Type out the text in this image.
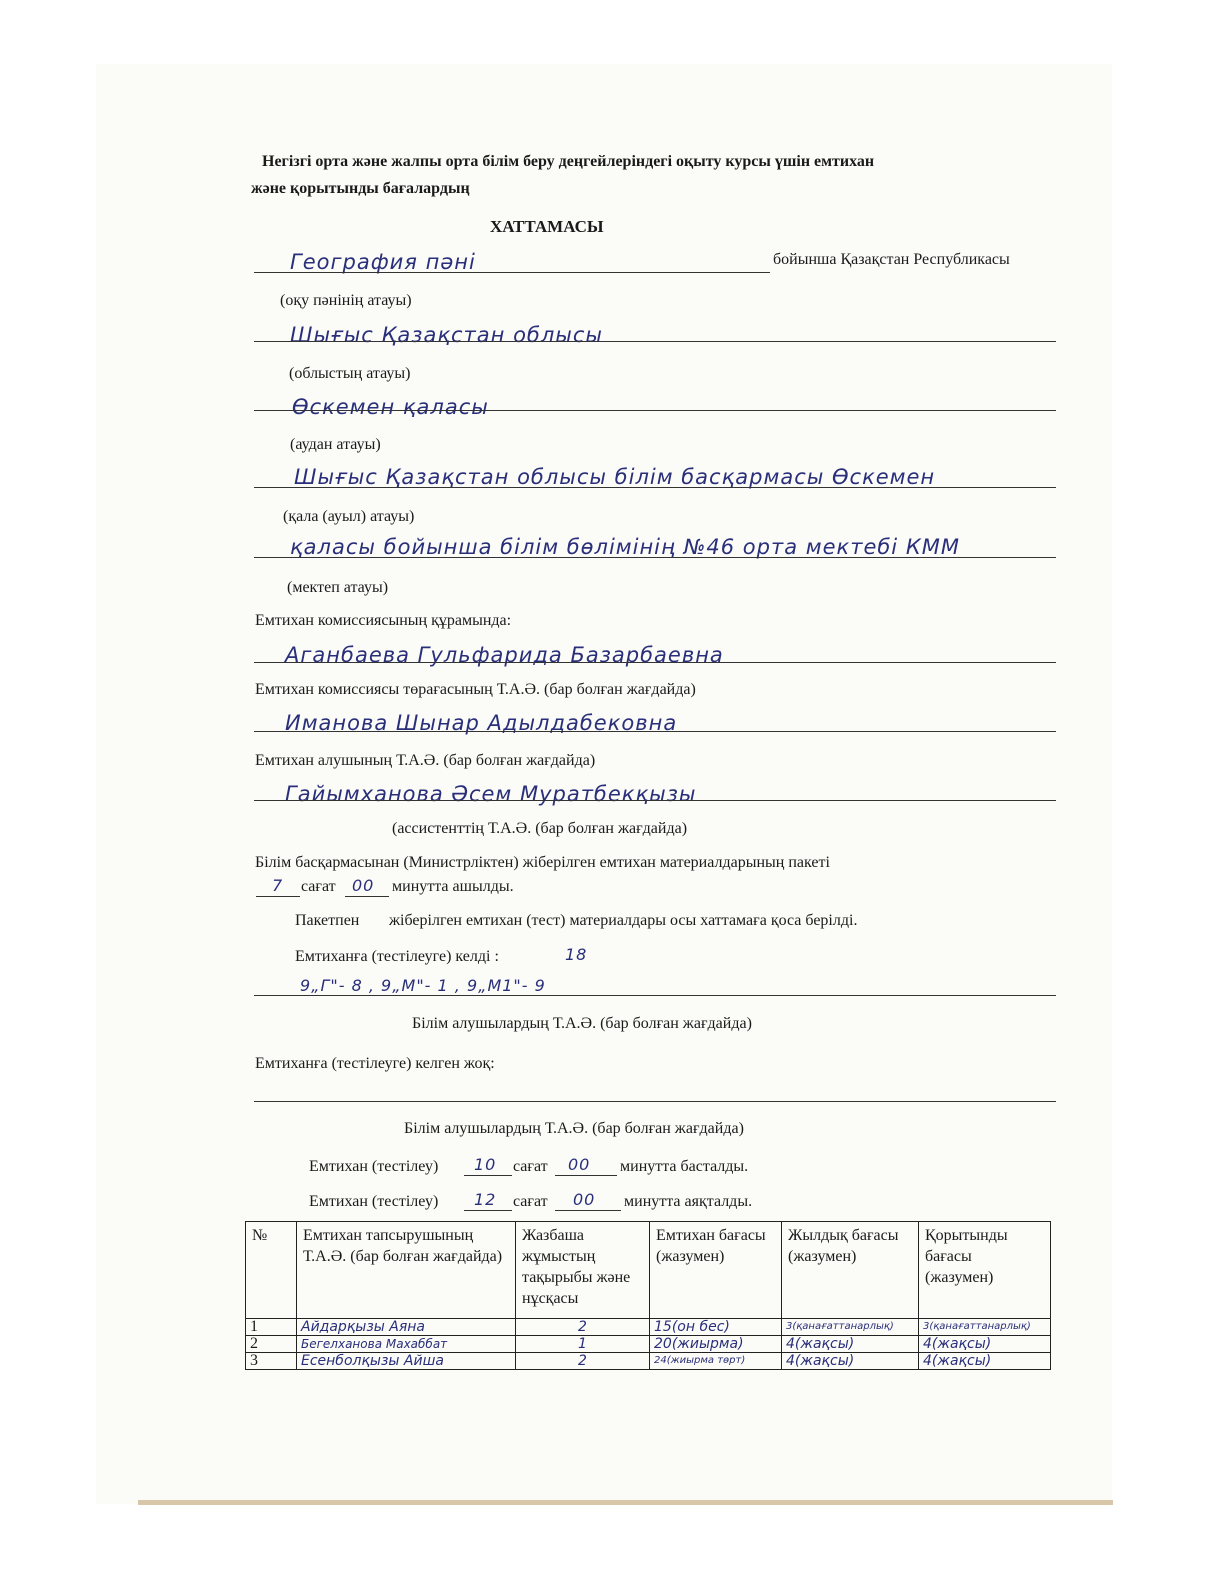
Негізгі орта және жалпы орта білім беру деңгейлеріндегі оқыту курсы үшін емтихан
және қорытынды бағалардың
ХАТТАМАСЫ
География пәні	бойынша Қазақстан Республикасы
(оқу пәнінің атауы)
Шығыс Қазақстан облысы
(облыстың атауы)
Өскемен қаласы
(аудан атауы)
Шығыс Қазақстан облысы білім басқармасы Өскемен
(қала (ауыл) атауы)
қаласы бойынша білім бөлімінің №46 орта мектебі КММ
(мектеп атауы)
Емтихан комиссиясының құрамында:
Аганбаева Гульфарида Базарбаевна
Емтихан комиссиясы төрағасының Т.А.Ә. (бар болған жағдайда)
Иманова Шынар Адылдабековна
Емтихан алушының Т.А.Ә. (бар болған жағдайда)
Гайымханова Әсем Муратбекқызы
(ассистенттің Т.А.Ә. (бар болған жағдайда)
Білім басқармасынан (Министрліктен) жіберілген емтихан материалдарының пакеті
7 сағат 00 минутта ашылды.
Пакетпен жіберілген емтихан (тест) материалдары осы хаттамаға қоса берілді.
Емтиханға (тестілеуге) келді :	18
9„Г"- 8 , 9„М"- 1 , 9„М1"- 9
Білім алушылардың Т.А.Ә. (бар болған жағдайда)
Емтиханға (тестілеуге) келген жоқ:
Білім алушылардың Т.А.Ә. (бар болған жағдайда)
Емтихан (тестілеу) 10 сағат 00 минутта басталды.
Емтихан (тестілеу) 12 сағат 00 минутта аяқталды.
№	Емтихан тапсырушының Т.А.Ә. (бар болған жағдайда)	Жазбаша жұмыстың тақырыбы және нұсқасы	Емтихан бағасы (жазумен)	Жылдық бағасы (жазумен)	Қорытынды бағасы (жазумен)
1	Айдарқызы Аяна	2	15(он бес)	3(қанағаттанарлық)	3(қанағаттанарлық)
2	Бегелханова Махаббат	1	20(жиырма)	4(жақсы)	4(жақсы)
3	Есенболқызы Айша	2	24(жиырма төрт)	4(жақсы)	4(жақсы)
